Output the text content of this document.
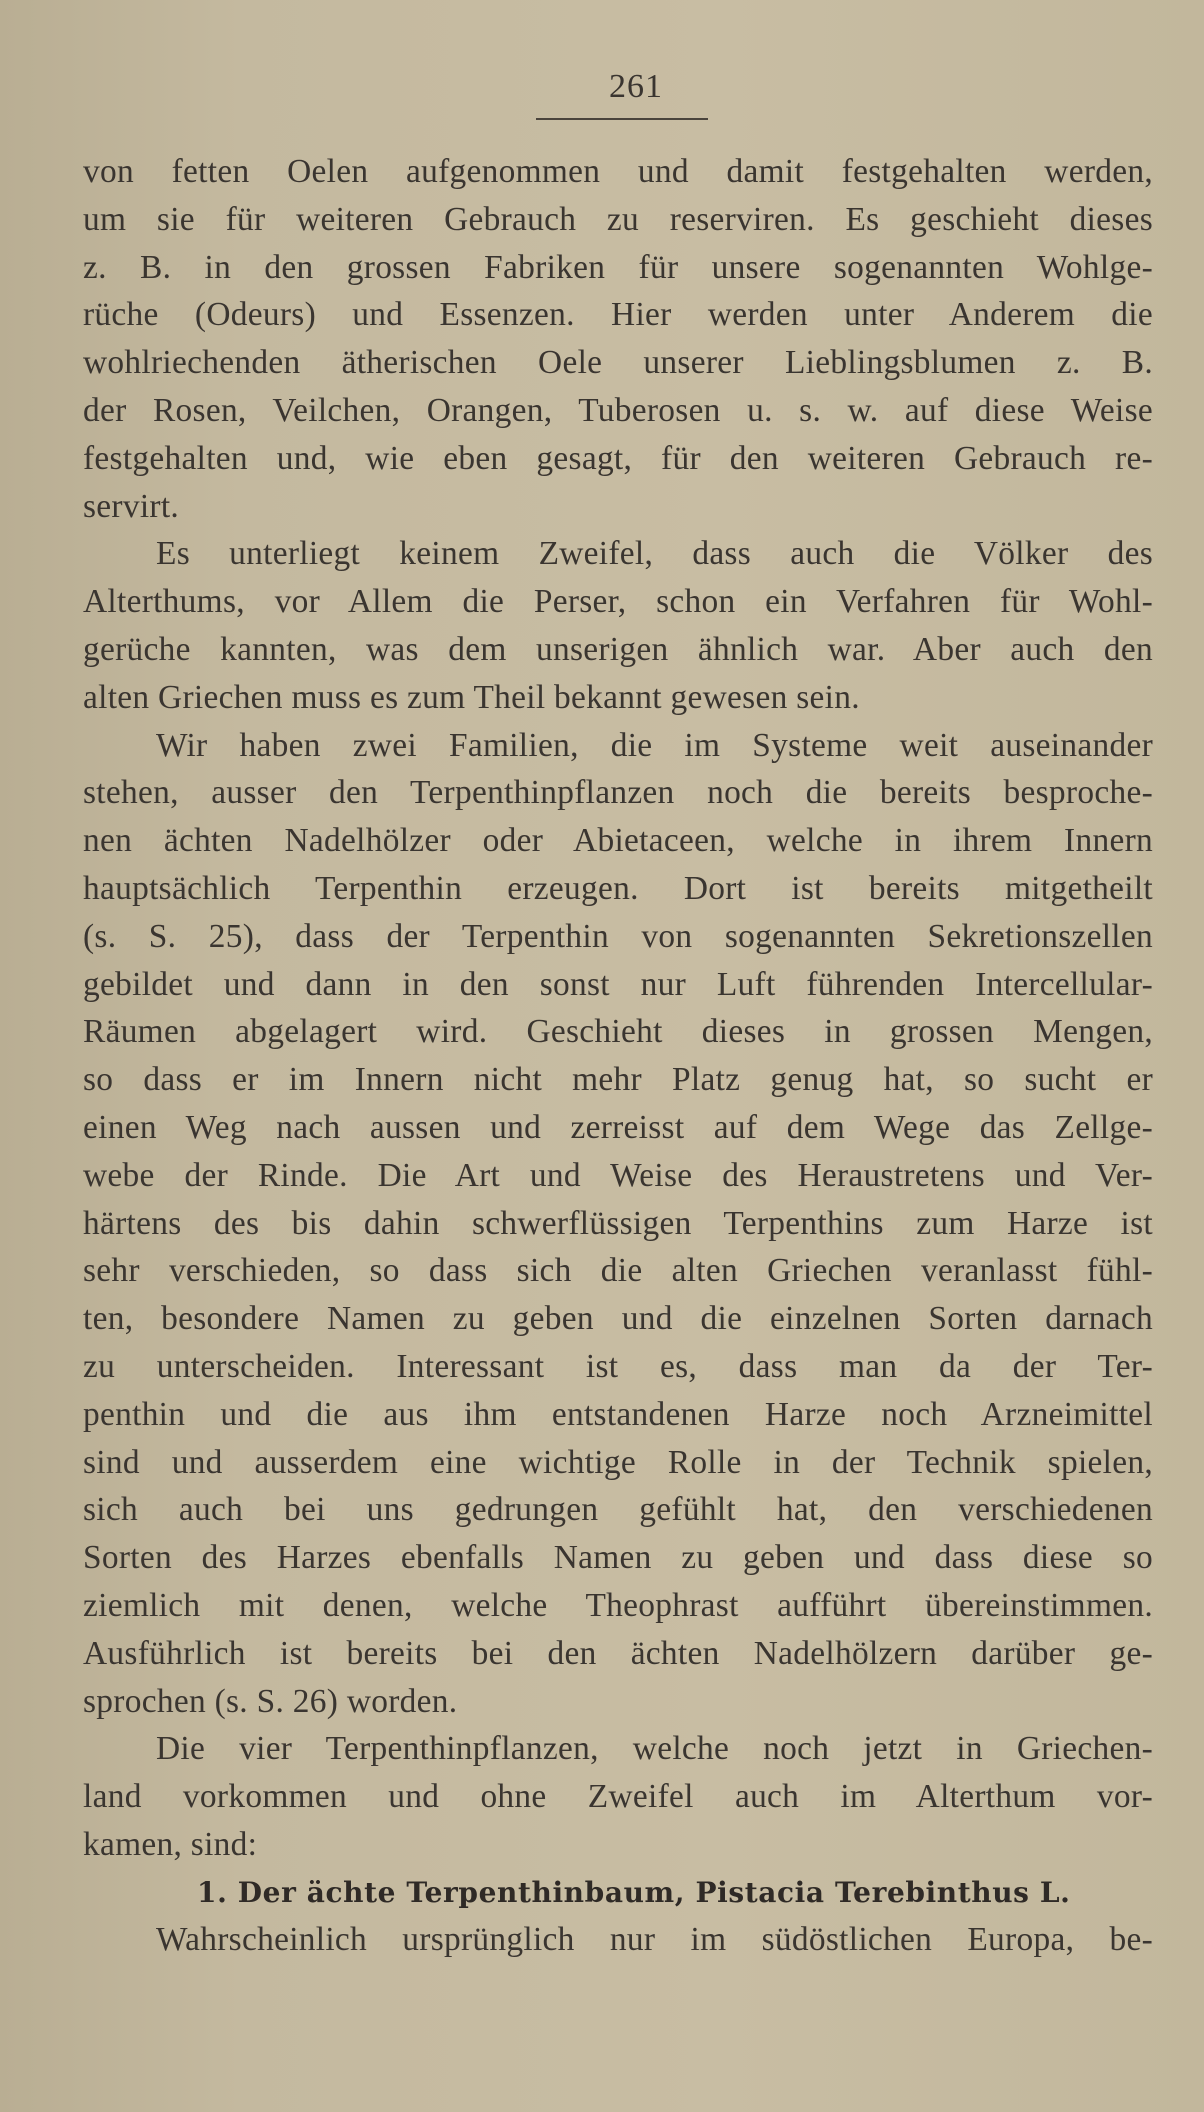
261
von fetten Oelen aufgenommen und damit festgehalten werden,
um sie für weiteren Gebrauch zu reserviren. Es geschieht dieses
z. B. in den grossen Fabriken für unsere sogenannten Wohlge-
rüche (Odeurs) und Essenzen. Hier werden unter Anderem die
wohlriechenden ätherischen Oele unserer Lieblingsblumen z. B.
der Rosen, Veilchen, Orangen, Tuberosen u. s. w. auf diese Weise
festgehalten und, wie eben gesagt, für den weiteren Gebrauch re-
servirt.
Es unterliegt keinem Zweifel, dass auch die Völker des
Alterthums, vor Allem die Perser, schon ein Verfahren für Wohl-
gerüche kannten, was dem unserigen ähnlich war. Aber auch den
alten Griechen muss es zum Theil bekannt gewesen sein.
Wir haben zwei Familien, die im Systeme weit auseinander
stehen, ausser den Terpenthinpflanzen noch die bereits besproche-
nen ächten Nadelhölzer oder Abietaceen, welche in ihrem Innern
hauptsächlich Terpenthin erzeugen. Dort ist bereits mitgetheilt
(s. S. 25), dass der Terpenthin von sogenannten Sekretionszellen
gebildet und dann in den sonst nur Luft führenden Intercellular-
Räumen abgelagert wird. Geschieht dieses in grossen Mengen,
so dass er im Innern nicht mehr Platz genug hat, so sucht er
einen Weg nach aussen und zerreisst auf dem Wege das Zellge-
webe der Rinde. Die Art und Weise des Heraustretens und Ver-
härtens des bis dahin schwerflüssigen Terpenthins zum Harze ist
sehr verschieden, so dass sich die alten Griechen veranlasst fühl-
ten, besondere Namen zu geben und die einzelnen Sorten darnach
zu unterscheiden. Interessant ist es, dass man da der Ter-
penthin und die aus ihm entstandenen Harze noch Arzneimittel
sind und ausserdem eine wichtige Rolle in der Technik spielen,
sich auch bei uns gedrungen gefühlt hat, den verschiedenen
Sorten des Harzes ebenfalls Namen zu geben und dass diese so
ziemlich mit denen, welche Theophrast aufführt übereinstimmen.
Ausführlich ist bereits bei den ächten Nadelhölzern darüber ge-
sprochen (s. S. 26) worden.
Die vier Terpenthinpflanzen, welche noch jetzt in Griechen-
land vorkommen und ohne Zweifel auch im Alterthum vor-
kamen, sind:
1. Der ächte Terpenthinbaum, Pistacia Terebinthus L.
Wahrscheinlich ursprünglich nur im südöstlichen Europa, be-
